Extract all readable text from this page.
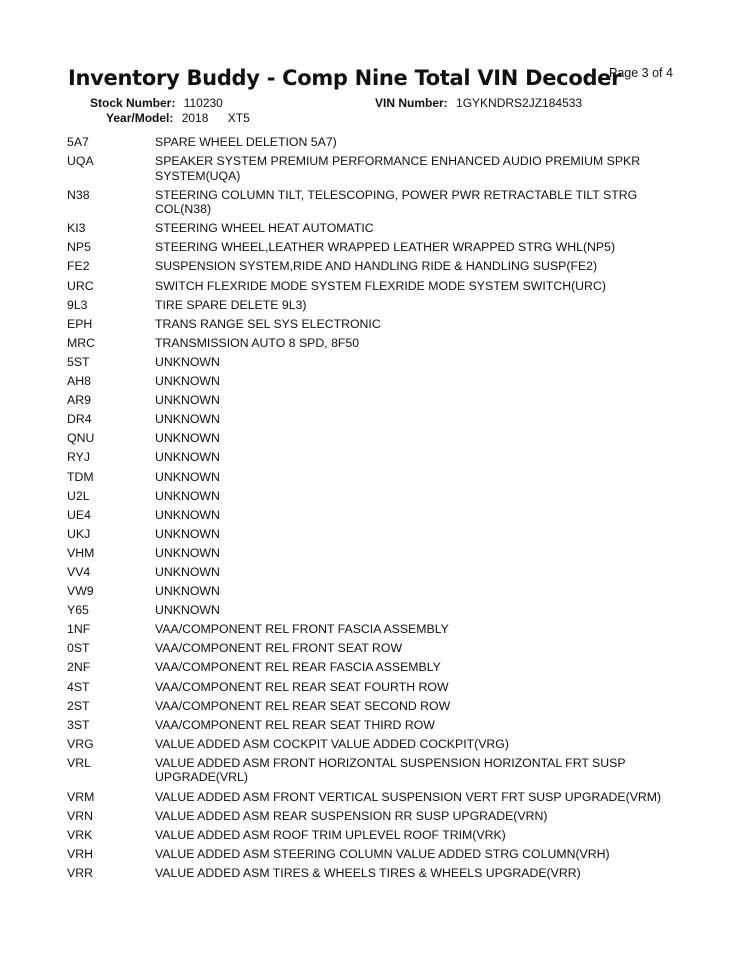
Inventory Buddy - Comp Nine Total VIN Decoder
Page 3 of 4
Stock Number: 110230	VIN Number: 1GYKNDRS2JZ184533
Year/Model: 2018 XT5
5A7	SPARE WHEEL DELETION 5A7)
UQA	SPEAKER SYSTEM PREMIUM PERFORMANCE ENHANCED AUDIO PREMIUM SPKR SYSTEM(UQA)
N38	STEERING COLUMN TILT, TELESCOPING, POWER PWR RETRACTABLE TILT STRG COL(N38)
KI3	STEERING WHEEL HEAT AUTOMATIC
NP5	STEERING WHEEL,LEATHER WRAPPED LEATHER WRAPPED STRG WHL(NP5)
FE2	SUSPENSION SYSTEM,RIDE AND HANDLING RIDE & HANDLING SUSP(FE2)
URC	SWITCH FLEXRIDE MODE SYSTEM FLEXRIDE MODE SYSTEM SWITCH(URC)
9L3	TIRE SPARE DELETE 9L3)
EPH	TRANS RANGE SEL SYS ELECTRONIC
MRC	TRANSMISSION AUTO 8 SPD, 8F50
5ST	UNKNOWN
AH8	UNKNOWN
AR9	UNKNOWN
DR4	UNKNOWN
QNU	UNKNOWN
RYJ	UNKNOWN
TDM	UNKNOWN
U2L	UNKNOWN
UE4	UNKNOWN
UKJ	UNKNOWN
VHM	UNKNOWN
VV4	UNKNOWN
VW9	UNKNOWN
Y65	UNKNOWN
1NF	VAA/COMPONENT REL FRONT FASCIA ASSEMBLY
0ST	VAA/COMPONENT REL FRONT SEAT ROW
2NF	VAA/COMPONENT REL REAR FASCIA ASSEMBLY
4ST	VAA/COMPONENT REL REAR SEAT FOURTH ROW
2ST	VAA/COMPONENT REL REAR SEAT SECOND ROW
3ST	VAA/COMPONENT REL REAR SEAT THIRD ROW
VRG	VALUE ADDED ASM COCKPIT VALUE ADDED COCKPIT(VRG)
VRL	VALUE ADDED ASM FRONT HORIZONTAL SUSPENSION HORIZONTAL FRT SUSP UPGRADE(VRL)
VRM	VALUE ADDED ASM FRONT VERTICAL SUSPENSION VERT FRT SUSP UPGRADE(VRM)
VRN	VALUE ADDED ASM REAR SUSPENSION RR SUSP UPGRADE(VRN)
VRK	VALUE ADDED ASM ROOF TRIM UPLEVEL ROOF TRIM(VRK)
VRH	VALUE ADDED ASM STEERING COLUMN VALUE ADDED STRG COLUMN(VRH)
VRR	VALUE ADDED ASM TIRES & WHEELS TIRES & WHEELS UPGRADE(VRR)
